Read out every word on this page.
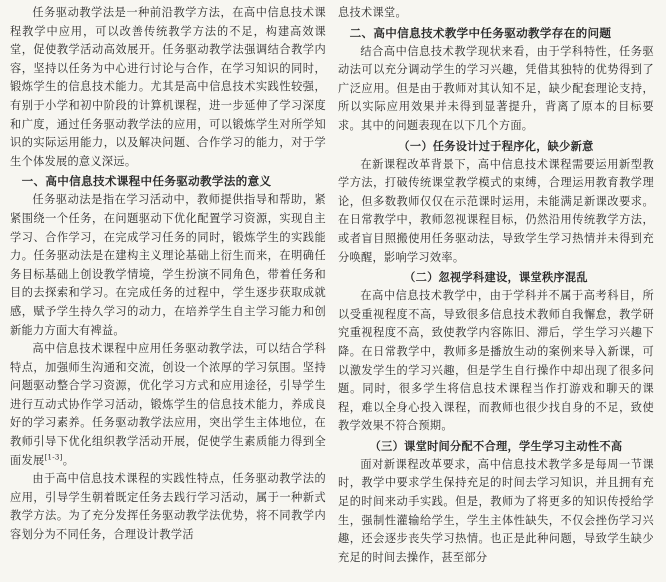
任务驱动教学法是一种前沿教学方法，在高中信息技术课程教学中应用，可以改善传统教学方法的不足，构建高效课堂，促使教学活动高效展开。任务驱动教学法强调结合教学内容，坚持以任务为中心进行讨论与合作，在学习知识的同时，锻炼学生的信息技术能力。尤其是高中信息技术实践性较强，有别于小学和初中阶段的计算机课程，进一步延伸了学习深度和广度，通过任务驱动教学法的应用，可以锻炼学生对所学知识的实际运用能力，以及解决问题、合作学习的能力，对于学生个体发展的意义深远。

一、高中信息技术课程中任务驱动教学法的意义

任务驱动法是指在学习活动中，教师提供指导和帮助，紧紧围绕一个任务，在问题驱动下优化配置学习资源，实现自主学习、合作学习，在完成学习任务的同时，锻炼学生的实践能力。任务驱动法是在建构主义理论基础上衍生而来，在明确任务目标基础上创设教学情境，学生扮演不同角色，带着任务和目的去探索和学习。在完成任务的过程中，学生逐步获取成就感，赋予学生持久学习的动力，在培养学生自主学习能力和创新能力方面大有裨益。

高中信息技术课程中应用任务驱动教学法，可以结合学科特点，加强师生沟通和交流，创设一个浓厚的学习氛围。坚持问题驱动整合学习资源，优化学习方式和应用途径，引导学生进行互动式协作学习活动，锻炼学生的信息技术能力，养成良好的学习素养。任务驱动教学法应用，突出学生主体地位，在教师引导下优化组织教学活动开展，促使学生素质能力得到全面发展[1-3]。

由于高中信息技术课程的实践性特点，任务驱动教学法的应用，引导学生朝着既定任务去践行学习活动，属于一种新式教学方法。为了充分发挥任务驱动教学法优势，将不同教学内容划分为不同任务，合理设计教学活

息技术课堂。

二、高中信息技术教学中任务驱动教学存在的问题

结合高中信息技术教学现状来看，由于学科特性，任务驱动法可以充分调动学生的学习兴趣，凭借其独特的优势得到了广泛应用。但是由于教师对其认知不足，缺少配套理论支持，所以实际应用效果并未得到显著提升，背离了原本的目标要求。其中的问题表现在以下几个方面。

（一）任务设计过于程序化，缺少新意

在新课程改革背景下，高中信息技术课程需要运用新型教学方法，打破传统课堂教学模式的束缚，合理运用教育教学理论，但多数教师仅仅在示范课时运用，未能满足新课改要求。在日常教学中，教师忽视课程目标，仍然沿用传统教学方法，或者盲目照搬使用任务驱动法，导致学生学习热情并未得到充分唤醒，影响学习效率。

（二）忽视学科建设，课堂秩序混乱

在高中信息技术教学中，由于学科并不属于高考科目，所以受重视程度不高，导致很多信息技术教师自我懈怠，教学研究重视程度不高，致使教学内容陈旧、滞后，学生学习兴趣下降。在日常教学中，教师多是播放生动的案例来导入新课，可以激发学生的学习兴趣，但是学生自行操作中却出现了很多问题。同时，很多学生将信息技术课程当作打游戏和聊天的课程，难以全身心投入课程，而教师也很少找自身的不足，致使教学效果不符合预期。

（三）课堂时间分配不合理，学生学习主动性不高

面对新课程改革要求，高中信息技术教学多是每周一节课时，教学中要求学生保持充足的时间去学习知识，并且拥有充足的时间来动手实践。但是，教师为了将更多的知识传授给学生，强制性灌输给学生，学生主体性缺失，不仅会挫伤学习兴趣，还会逐步丧失学习热情。也正是此种问题，导致学生缺少充足的时间去操作，甚至部分
